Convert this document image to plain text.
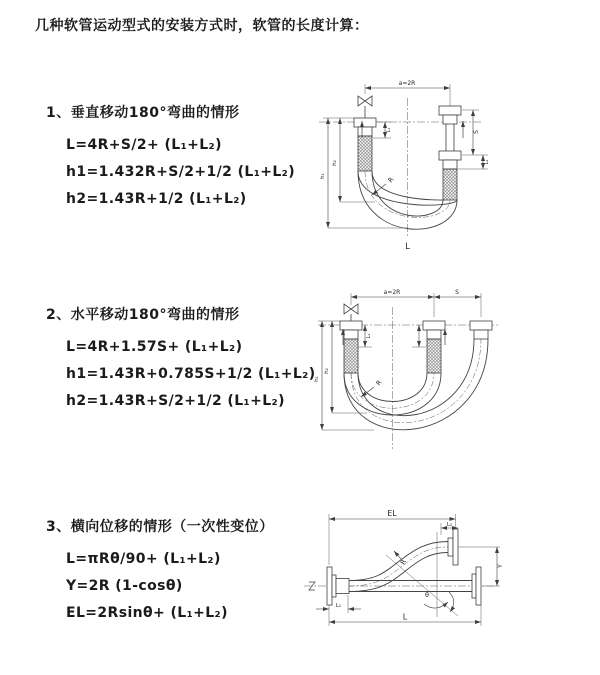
几种软管运动型式的安装方式时，软管的长度计算：
1、垂直移动180°弯曲的情形
L=4R+S/2+ (L₁+L₂)
h1=1.432R+S/2+1/2 (L₁+L₂)
h2=1.43R+1/2 (L₁+L₂)
2、水平移动180°弯曲的情形
L=4R+1.57S+ (L₁+L₂)
h1=1.43R+0.785S+1/2 (L₁+L₂)
h2=1.43R+S/2+1/2 (L₁+L₂)
3、横向位移的情形（一次性变位）
L=πRθ/90+ (L₁+L₂)
Y=2R (1-cosθ)
EL=2Rsinθ+ (L₁+L₂)
a=2R
S
L₁
L₁
h₁
h₂
R
L
a=2R	S
h₁
h₂
L₁
R
EL
L₂
Y
L
L₁
R
θ
